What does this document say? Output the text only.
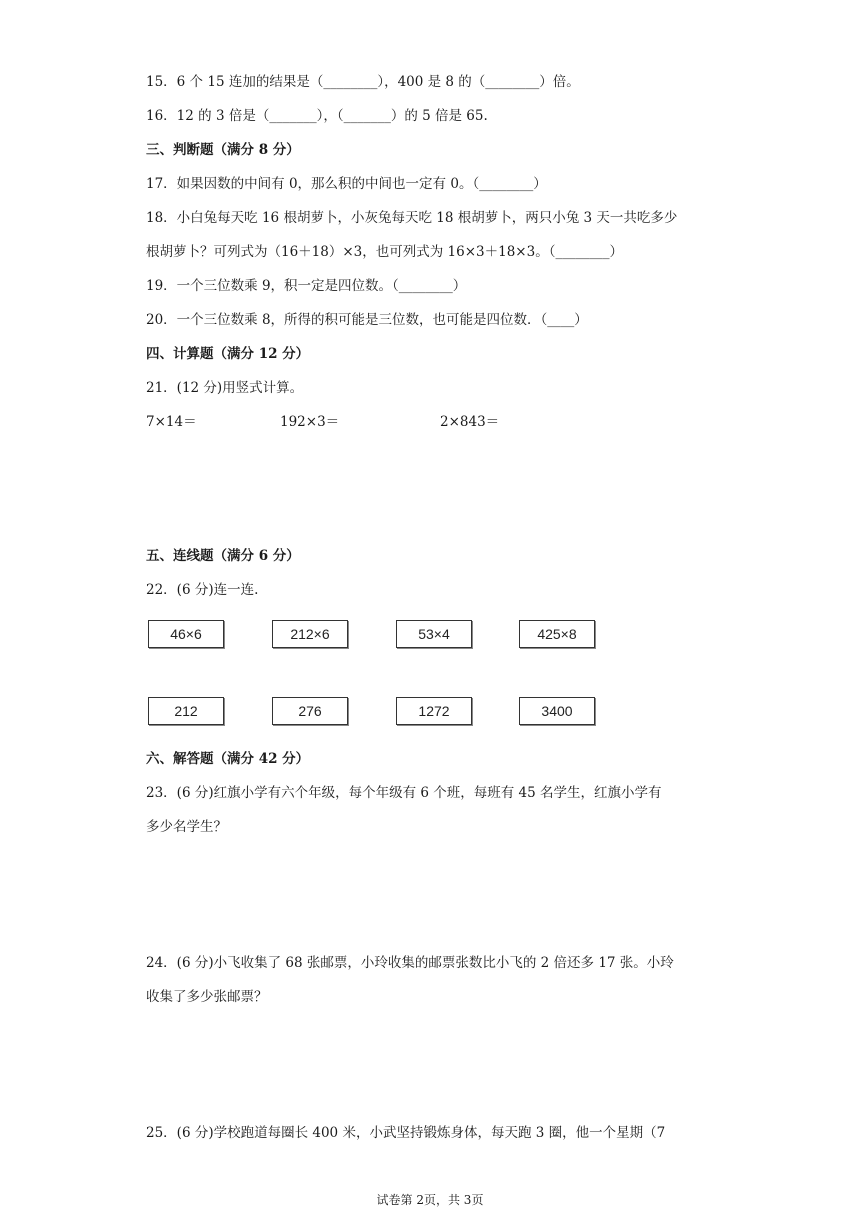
15．6 个 15 连加的结果是（________），400 是 8 的（________）倍。
16．12 的 3 倍是（_______），（_______）的 5 倍是 65.
三、判断题（满分 8 分）
17．如果因数的中间有 0，那么积的中间也一定有 0。（________）
18．小白兔每天吃 16 根胡萝卜，小灰兔每天吃 18 根胡萝卜，两只小兔 3 天一共吃多少
根胡萝卜？可列式为（16＋18）×3，也可列式为 16×3＋18×3。（________）
19．一个三位数乘 9，积一定是四位数。（________）
20．一个三位数乘 8，所得的积可能是三位数，也可能是四位数．（____）
四、计算题（满分 12 分）
21．(12 分)用竖式计算。
7×14＝	192×3＝	2×843＝
五、连线题（满分 6 分）
22．(6 分)连一连.
46×6	212×6	53×4	425×8
212	276	1272	3400
六、解答题（满分 42 分）
23．(6 分)红旗小学有六个年级，每个年级有 6 个班，每班有 45 名学生，红旗小学有
多少名学生？
24．(6 分)小飞收集了 68 张邮票，小玲收集的邮票张数比小飞的 2 倍还多 17 张。小玲
收集了多少张邮票？
25．(6 分)学校跑道每圈长 400 米，小武坚持锻炼身体，每天跑 3 圈，他一个星期（7
试卷第 2页，共 3页
